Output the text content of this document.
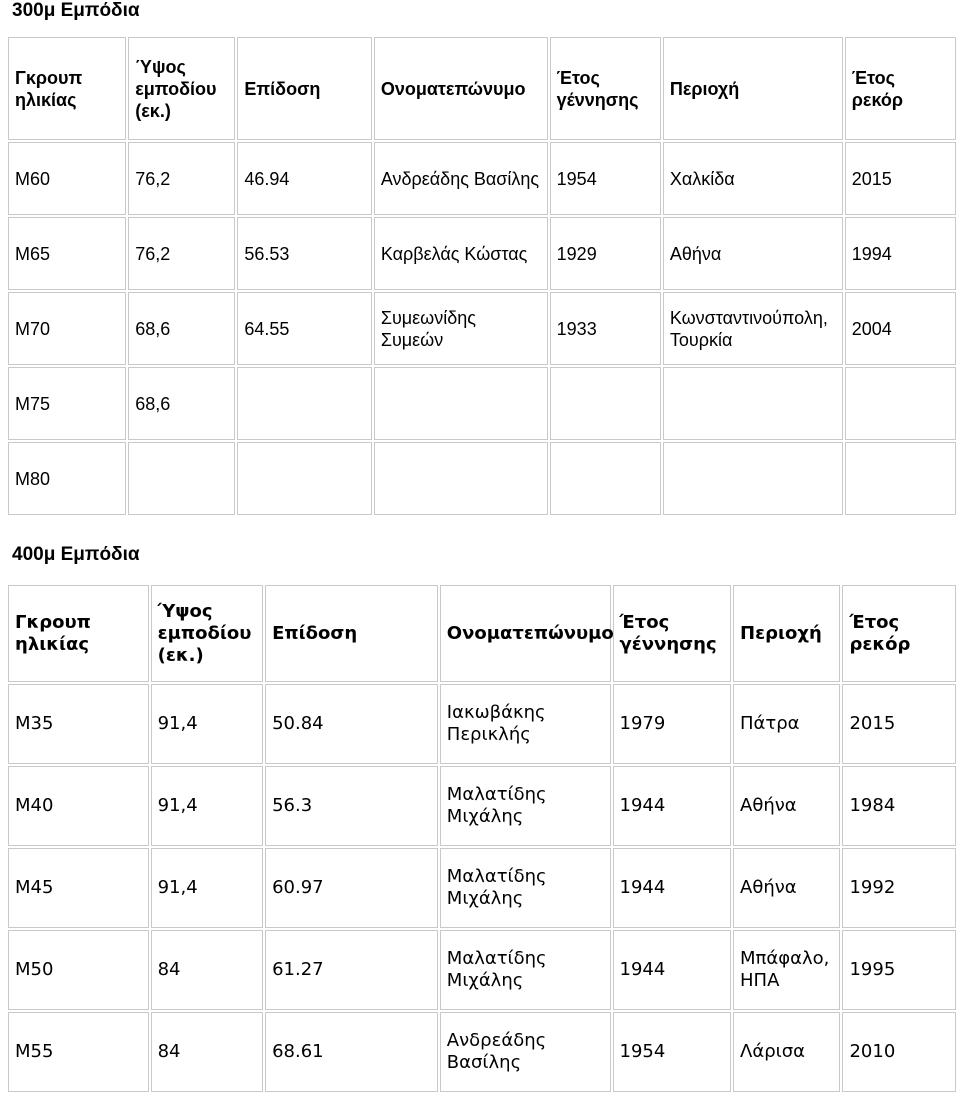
300μ Εμπόδια
Γκρουπ ηλικίας	Ύψος εμποδίου (εκ.)	Επίδοση	Ονοματεπώνυμο	Έτος γέννησης	Περιοχή	Έτος ρεκόρ
M60	76,2	46.94	Ανδρεάδης Βασίλης	1954	Χαλκίδα	2015
M65	76,2	56.53	Καρβελάς Κώστας	1929	Αθήνα	1994
M70	68,6	64.55	Συμεωνίδης Συμεών	1933	Κωνσταντινούπολη, Τουρκία	2004
M75	68,6					
M80						
400μ Εμπόδια
Γκρουπ ηλικίας	Ύψος εμποδίου (εκ.)	Επίδοση	Ονοματεπώνυμο	Έτος γέννησης	Περιοχή	Έτος ρεκόρ
M35	91,4	50.84	Ιακωβάκης Περικλής	1979	Πάτρα	2015
M40	91,4	56.3	Μαλατίδης Μιχάλης	1944	Αθήνα	1984
M45	91,4	60.97	Μαλατίδης Μιχάλης	1944	Αθήνα	1992
M50	84	61.27	Μαλατίδης Μιχάλης	1944	Μπάφαλο, ΗΠΑ	1995
M55	84	68.61	Ανδρεάδης Βασίλης	1954	Λάρισα	2010
